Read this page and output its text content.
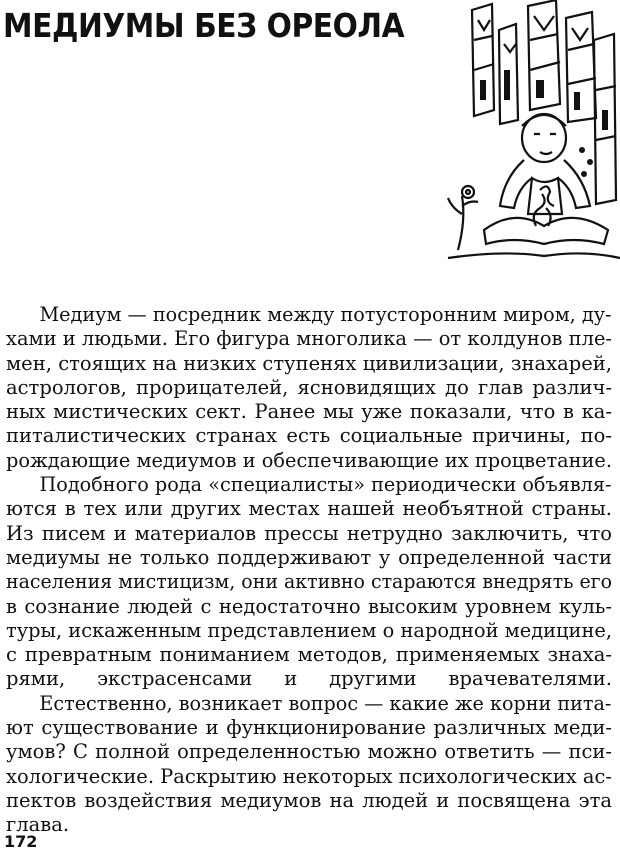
МЕДИУМЫ БЕЗ ОРЕОЛА

Медиум — посредник между потусторонним миром, ду-
хами и людьми. Его фигура многолика — от колдунов пле-
мен, стоящих на низких ступенях цивилизации, знахарей,
астрологов, прорицателей, ясновидящих до глав различ-
ных мистических сект. Ранее мы уже показали, что в ка-
питалистических странах есть социальные причины, по-
рождающие медиумов и обеспечивающие их процветание.

Подобного рода «специалисты» периодически объявля-
ются в тех или других местах нашей необъятной страны.
Из писем и материалов прессы нетрудно заключить, что
медиумы не только поддерживают у определенной части
населения мистицизм, они активно стараются внедрять его
в сознание людей с недостаточно высоким уровнем куль-
туры, искаженным представлением о народной медицине,
с превратным пониманием методов, применяемых знаха-
рями, экстрасенсами и другими врачевателями.

Естественно, возникает вопрос — какие же корни пита-
ют существование и функционирование различных меди-
умов? С полной определенностью можно ответить — пси-
хологические. Раскрытию некоторых психологических ас-
пектов воздействия медиумов на людей и посвящена эта
глава.

172
